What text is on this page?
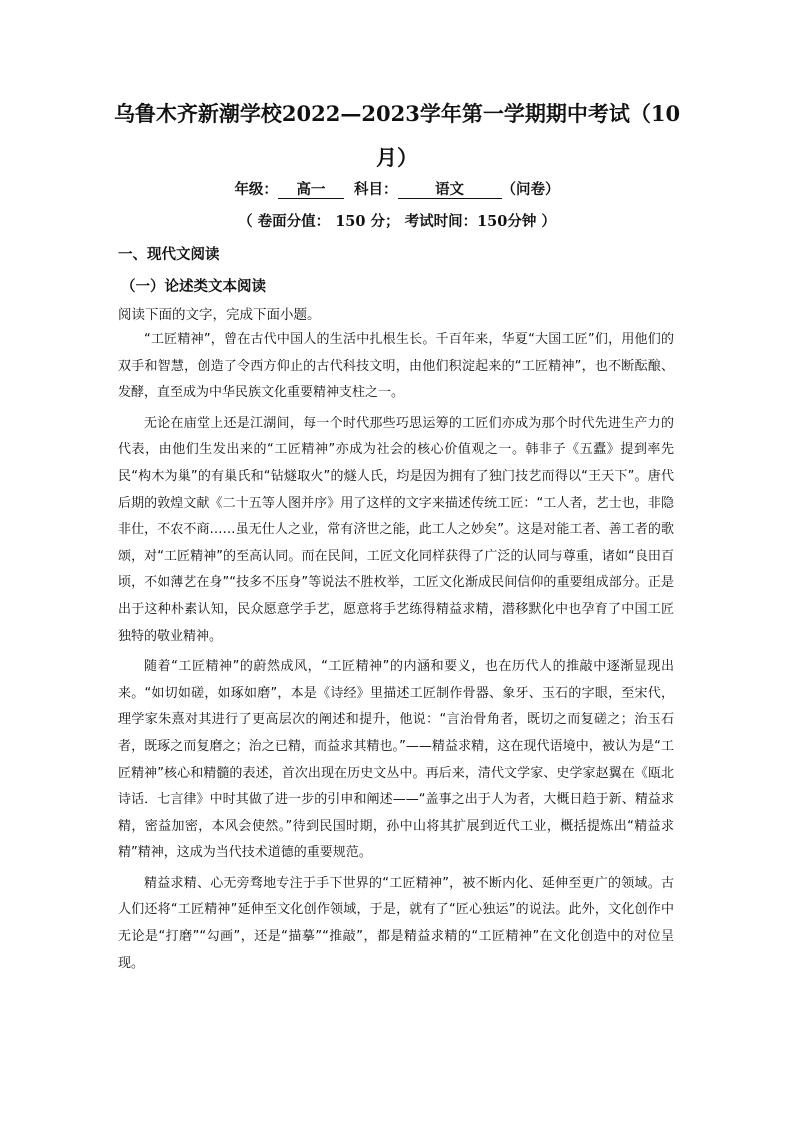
乌鲁木齐新潮学校2022—2023学年第一学期期中考试（10月）
年级： 高一 科目：	语文	（问卷）
（ 卷面分值： 150 分； 考试时间：150分钟 ）
一、现代文阅读
（一）论述类文本阅读
阅读下面的文字，完成下面小题。

“工匠精神”，曾在古代中国人的生活中扎根生长。千百年来，华夏“大国工匠”们，用他们的双手和智慧，创造了令西方仰止的古代科技文明，由他们积淀起来的“工匠精神”，也不断酝酿、发酵，直至成为中华民族文化重要精神支柱之一。

无论在庙堂上还是江湖间，每一个时代那些巧思运筹的工匠们亦成为那个时代先进生产力的代表，由他们生发出来的“工匠精神”亦成为社会的核心价值观之一。韩非子《五蠹》提到率先民“构木为巢”的有巢氏和“钻燧取火”的燧人氏，均是因为拥有了独门技艺而得以“王天下”。唐代后期的敦煌文献《二十五等人图并序》用了这样的文字来描述传统工匠：“工人者，艺士也，非隐非仕，不农不商……虽无仕人之业，常有济世之能，此工人之妙矣”。这是对能工者、善工者的歌颂，对“工匠精神”的至高认同。而在民间，工匠文化同样获得了广泛的认同与尊重，诸如“良田百顷，不如薄艺在身”“技多不压身”等说法不胜枚举，工匠文化渐成民间信仰的重要组成部分。正是出于这种朴素认知，民众愿意学手艺，愿意将手艺练得精益求精，潜移默化中也孕育了中国工匠独特的敬业精神。

随着“工匠精神”的蔚然成风，“工匠精神”的内涵和要义，也在历代人的推敲中逐渐显现出来。“如切如磋，如琢如磨”，本是《诗经》里描述工匠制作骨器、象牙、玉石的字眼，至宋代，理学家朱熹对其进行了更高层次的阐述和提升，他说：“言治骨角者，既切之而复磋之；治玉石者，既琢之而复磨之；治之已精，而益求其精也。”——精益求精，这在现代语境中，被认为是“工匠精神”核心和精髓的表述，首次出现在历史文丛中。再后来，清代文学家、史学家赵翼在《瓯北诗话．七言律》中时其做了进一步的引申和阐述——“盖事之出于人为者，大概日趋于新、精益求精，密益加密，本风会使然。”待到民国时期，孙中山将其扩展到近代工业，概括提炼出“精益求精”精神，这成为当代技术道德的重要规范。

精益求精、心无旁骛地专注于手下世界的“工匠精神”，被不断内化、延伸至更广的领域。古人们还将“工匠精神”延伸至文化创作领域，于是，就有了“匠心独运”的说法。此外，文化创作中无论是“打磨”“勾画”，还是“描摹”“推敲”，都是精益求精的“工匠精神”在文化创造中的对位呈现。
